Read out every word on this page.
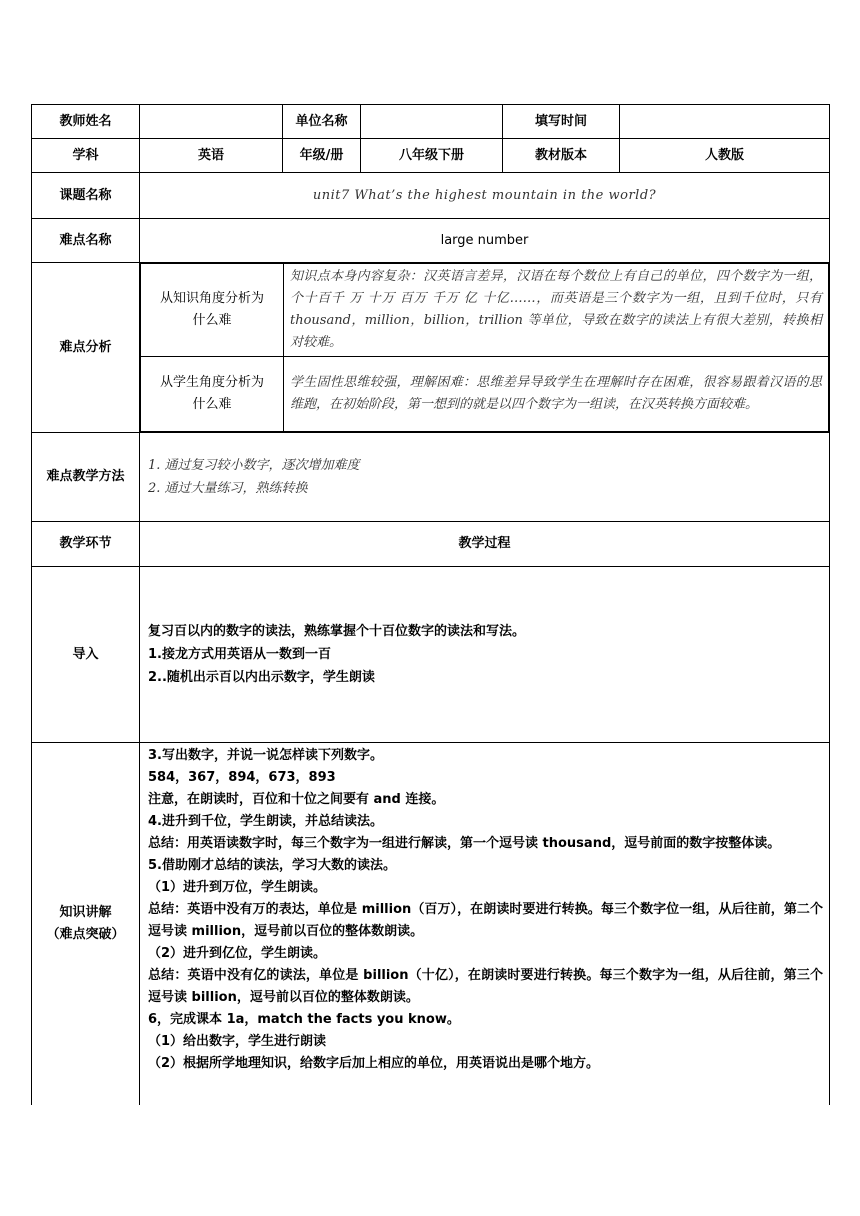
教师姓名		单位名称		填写时间	
学科	英语	年级/册	八年级下册	教材版本	人教版
课题名称	unit7 What’s the highest mountain in the world?
难点名称	large number
难点分析	
从知识角度分析为什么难	知识点本身内容复杂：汉英语言差异，汉语在每个数位上有自己的单位，四个数字为一组，个十百千 万 十万 百万 千万 亿 十亿……，而英语是三个数字为一组，且到千位时，只有 thousand，million，billion，trillion 等单位，导致在数字的读法上有很大差别，转换相对较难。
从学生角度分析为什么难	学生固性思维较强，理解困难：思维差异导致学生在理解时存在困难，很容易跟着汉语的思维跑，在初始阶段，第一想到的就是以四个数字为一组读，在汉英转换方面较难。

难点教学方法	
1. 通过复习较小数字，逐次增加难度
2. 通过大量练习，熟练转换

教学环节	教学过程
导入	

复习百以内的数字的读法，熟练掌握个十百位数字的读法和写法。

1.接龙方式用英语从一数到一百

2..随机出示百以内出示数字，学生朗读

知识讲解
（难点突破）

3.写出数字，并说一说怎样读下列数字。

584，367，894，673，893

注意，在朗读时，百位和十位之间要有 and 连接。

4.进升到千位，学生朗读，并总结读法。

总结：用英语读数字时，每三个数字为一组进行解读，第一个逗号读 thousand，逗号前面的数字按整体读。

5.借助刚才总结的读法，学习大数的读法。

（1）进升到万位，学生朗读。

总结：英语中没有万的表达，单位是 million（百万），在朗读时要进行转换。每三个数字位一组，从后往前，第二个逗号读 million，逗号前以百位的整体数朗读。

（2）进升到亿位，学生朗读。

总结：英语中没有亿的读法，单位是 billion（十亿），在朗读时要进行转换。每三个数字为一组，从后往前，第三个逗号读 billion，逗号前以百位的整体数朗读。

6，完成课本 1a，match the facts you know。

（1）给出数字，学生进行朗读

（2）根据所学地理知识，给数字后加上相应的单位，用英语说出是哪个地方。
